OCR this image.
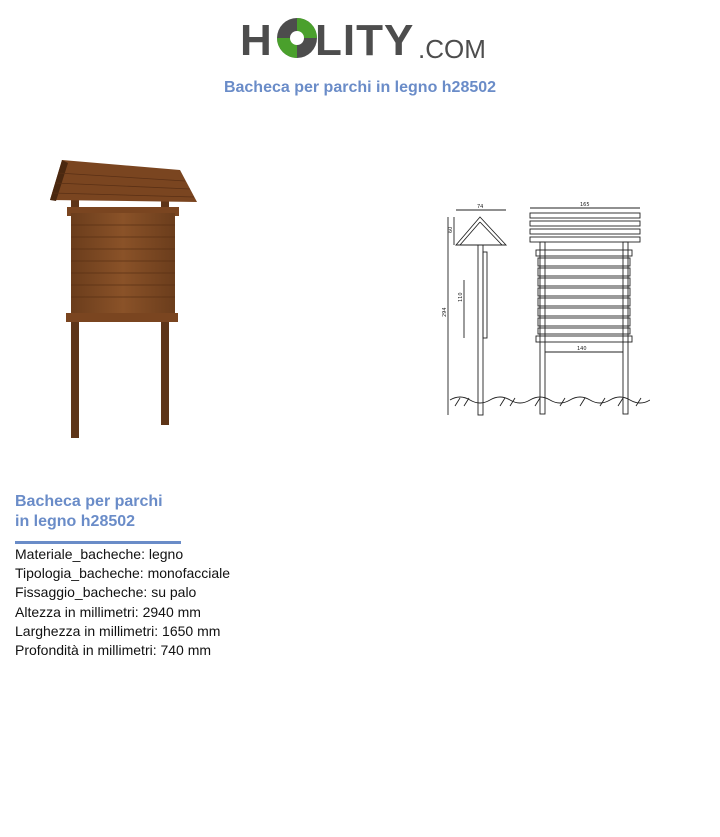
H LITY .COM
Bacheca per parchi in legno h28502
74	165
140
60
294
110
Bacheca per parchi
in legno h28502
Materiale_bacheche: legno
Tipologia_bacheche: monofacciale
Fissaggio_bacheche: su palo
Altezza in millimetri: 2940 mm
Larghezza in millimetri: 1650 mm
Profondità in millimetri: 740 mm
